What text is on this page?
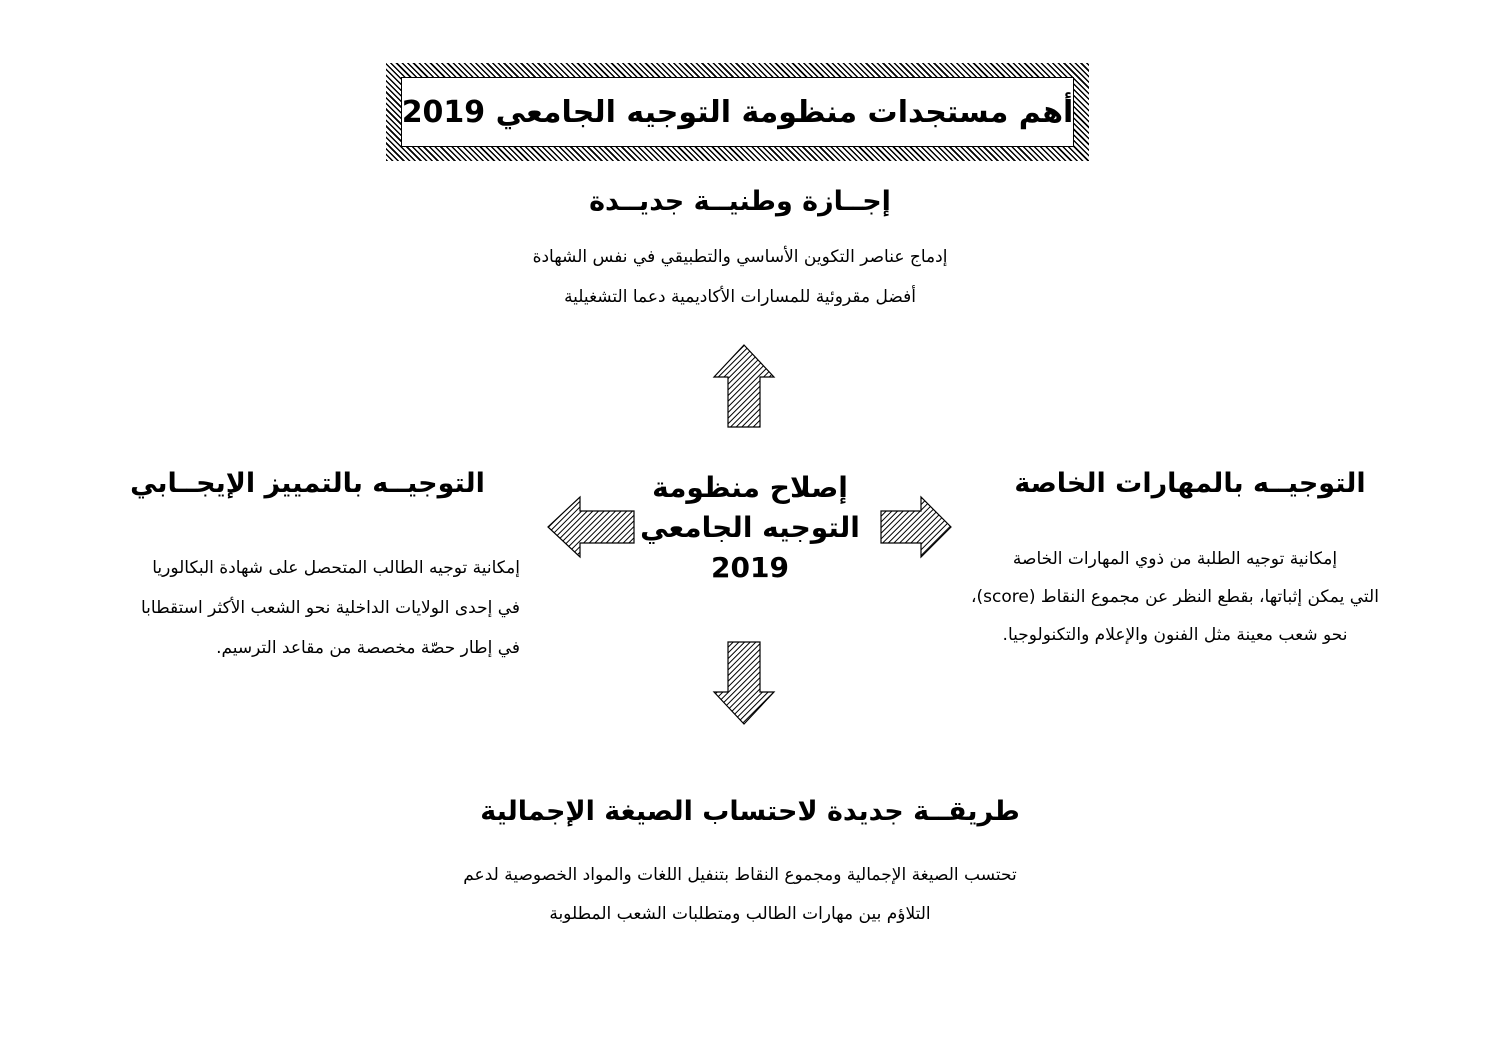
أهم مستجدات منظومة التوجيه الجامعي 2019
إجــازة وطنيــة جديــدة
إدماج عناصر التكوين الأساسي والتطبيقي في نفس الشهادة
أفضل مقروئية للمسارات الأكاديمية دعما التشغيلية
إصلاح منظومة
التوجيه الجامعي
2019
التوجيــه بالتمييز الإيجــابي
إمكانية توجيه الطالب المتحصل على شهادة البكالوريا
في إحدى الولايات الداخلية نحو الشعب الأكثر استقطابا
في إطار حصّة مخصصة من مقاعد الترسيم.
التوجيــه بالمهارات الخاصة
إمكانية توجيه الطلبة من ذوي المهارات الخاصة
التي يمكن إثباتها، بقطع النظر عن مجموع النقاط (score)،
نحو شعب معينة مثل الفنون والإعلام والتكنولوجيا.
طريقــة جديدة لاحتساب الصيغة الإجمالية
تحتسب الصيغة الإجمالية ومجموع النقاط بتنفيل اللغات والمواد الخصوصية لدعم
التلاؤم بين مهارات الطالب ومتطلبات الشعب المطلوبة
